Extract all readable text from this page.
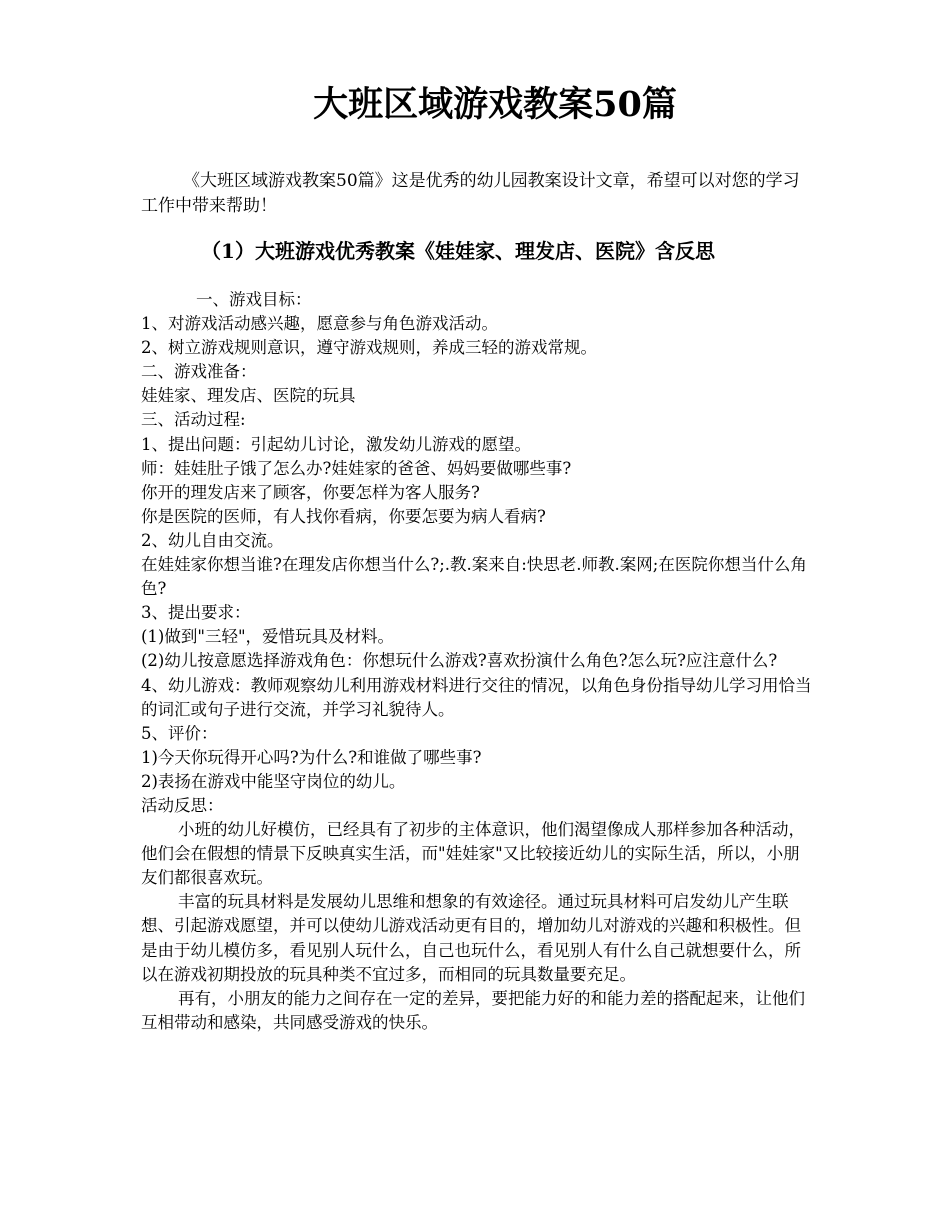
大班区域游戏教案50篇

《大班区域游戏教案50篇》这是优秀的幼儿园教案设计文章，希望可以对您的学习工作中带来帮助！

（1）大班游戏优秀教案《娃娃家、理发店、医院》含反思
一、游戏目标：
1、对游戏活动感兴趣，愿意参与角色游戏活动。
2、树立游戏规则意识，遵守游戏规则，养成三轻的游戏常规。
二、游戏准备：
娃娃家、理发店、医院的玩具
三、活动过程:
1、提出问题：引起幼儿讨论，激发幼儿游戏的愿望。
师：娃娃肚子饿了怎么办?娃娃家的爸爸、妈妈要做哪些事?
你开的理发店来了顾客，你要怎样为客人服务?
你是医院的医师，有人找你看病，你要怎要为病人看病?
2、幼儿自由交流。
在娃娃家你想当谁?在理发店你想当什么?;.教.案来自:快思老.师教.案网;在医院你想当什么角色?
3、提出要求：
(1)做到"三轻"，爱惜玩具及材料。
(2)幼儿按意愿选择游戏角色：你想玩什么游戏?喜欢扮演什么角色?怎么玩?应注意什么?
4、幼儿游戏：教师观察幼儿利用游戏材料进行交往的情况，以角色身份指导幼儿学习用恰当的词汇或句子进行交流，并学习礼貌待人。
5、评价：
1)今天你玩得开心吗?为什么?和谁做了哪些事?
2)表扬在游戏中能坚守岗位的幼儿。
活动反思：
小班的幼儿好模仿，已经具有了初步的主体意识，他们渴望像成人那样参加各种活动，他们会在假想的情景下反映真实生活，而"娃娃家"又比较接近幼儿的实际生活，所以，小朋友们都很喜欢玩。
丰富的玩具材料是发展幼儿思维和想象的有效途径。通过玩具材料可启发幼儿产生联想、引起游戏愿望，并可以使幼儿游戏活动更有目的，增加幼儿对游戏的兴趣和积极性。但是由于幼儿模仿多，看见别人玩什么，自己也玩什么，看见别人有什么自己就想要什么，所以在游戏初期投放的玩具种类不宜过多，而相同的玩具数量要充足。
再有，小朋友的能力之间存在一定的差异，要把能力好的和能力差的搭配起来，让他们互相带动和感染，共同感受游戏的快乐。
